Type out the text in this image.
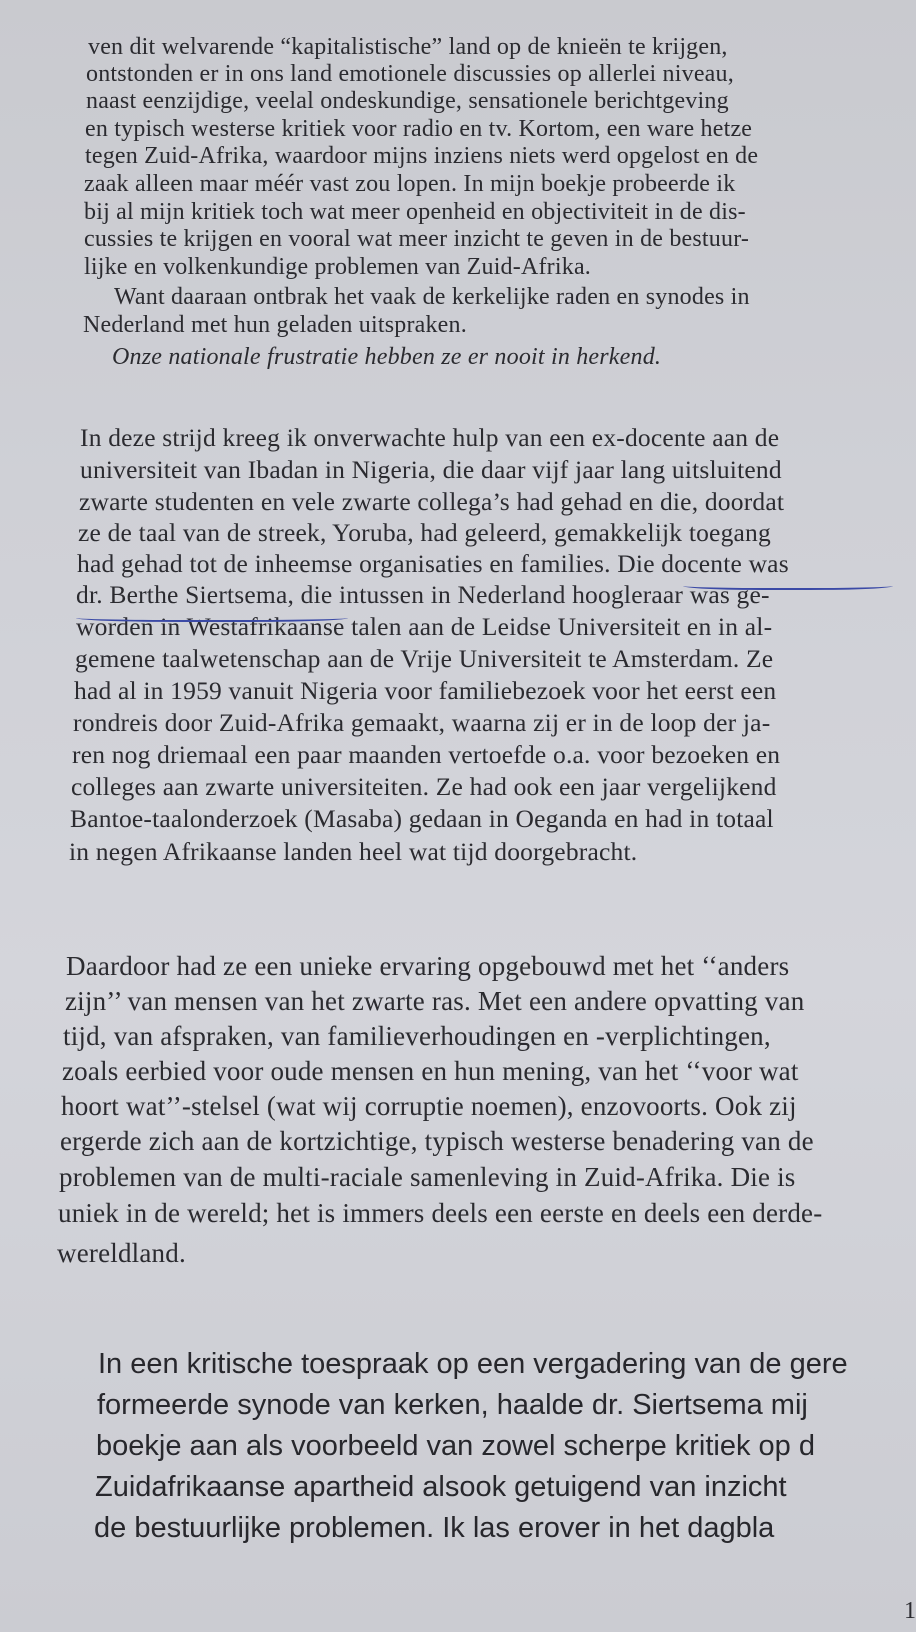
ven dit welvarende “kapitalistische” land op de knieën te krijgen,
ontstonden er in ons land emotionele discussies op allerlei niveau,
naast eenzijdige, veelal ondeskundige, sensationele berichtgeving
en typisch westerse kritiek voor radio en tv. Kortom, een ware hetze
tegen Zuid-Afrika, waardoor mijns inziens niets werd opgelost en de
zaak alleen maar méér vast zou lopen. In mijn boekje probeerde ik
bij al mijn kritiek toch wat meer openheid en objectiviteit in de dis-
cussies te krijgen en vooral wat meer inzicht te geven in de bestuur-
lijke en volkenkundige problemen van Zuid-Afrika.
Want daaraan ontbrak het vaak de kerkelijke raden en synodes in
Nederland met hun geladen uitspraken.
Onze nationale frustratie hebben ze er nooit in herkend.
In deze strijd kreeg ik onverwachte hulp van een ex-docente aan de
universiteit van Ibadan in Nigeria, die daar vijf jaar lang uitsluitend
zwarte studenten en vele zwarte collega’s had gehad en die, doordat
ze de taal van de streek, Yoruba, had geleerd, gemakkelijk toegang
had gehad tot de inheemse organisaties en families. Die docente was
dr. Berthe Siertsema, die intussen in Nederland hoogleraar was ge-
worden in Westafrikaanse talen aan de Leidse Universiteit en in al-
gemene taalwetenschap aan de Vrije Universiteit te Amsterdam. Ze
had al in 1959 vanuit Nigeria voor familiebezoek voor het eerst een
rondreis door Zuid-Afrika gemaakt, waarna zij er in de loop der ja-
ren nog driemaal een paar maanden vertoefde o.a. voor bezoeken en
colleges aan zwarte universiteiten. Ze had ook een jaar vergelijkend
Bantoe-taalonderzoek (Masaba) gedaan in Oeganda en had in totaal
in negen Afrikaanse landen heel wat tijd doorgebracht.
Daardoor had ze een unieke ervaring opgebouwd met het ‘‘anders
zijn’’ van mensen van het zwarte ras. Met een andere opvatting van
tijd, van afspraken, van familieverhoudingen en -verplichtingen,
zoals eerbied voor oude mensen en hun mening, van het ‘‘voor wat
hoort wat’’-stelsel (wat wij corruptie noemen), enzovoorts. Ook zij
ergerde zich aan de kortzichtige, typisch westerse benadering van de
problemen van de multi-raciale samenleving in Zuid-Afrika. Die is
uniek in de wereld; het is immers deels een eerste en deels een derde-
wereldland.
In een kritische toespraak op een vergadering van de gere
formeerde synode van kerken, haalde dr. Siertsema mij
boekje aan als voorbeeld van zowel scherpe kritiek op d
Zuidafrikaanse apartheid alsook getuigend van inzicht
de bestuurlijke problemen. Ik las erover in het dagbla
1
